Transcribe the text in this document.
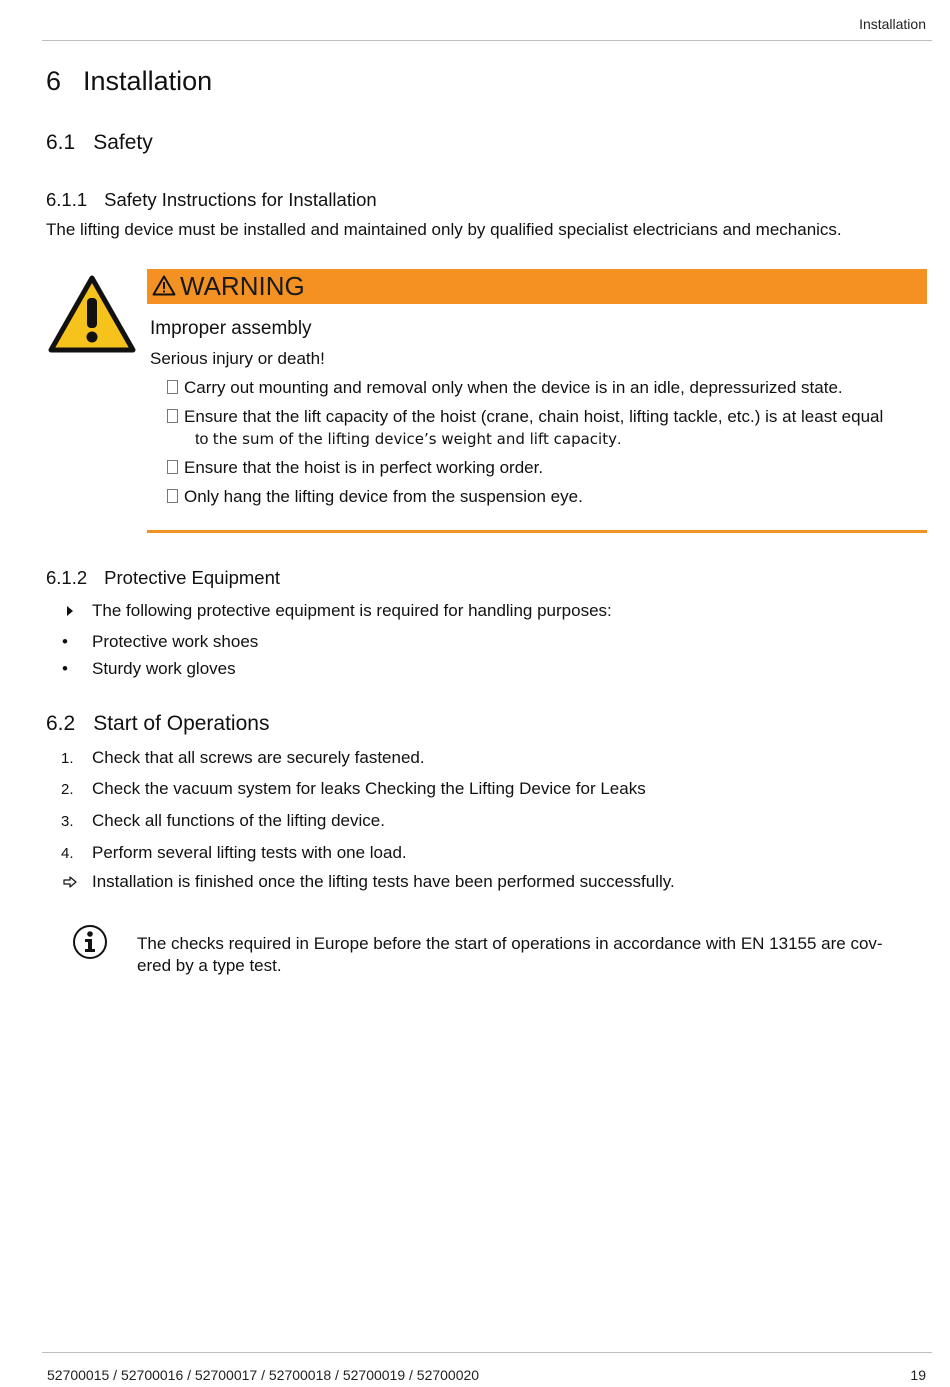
Installation
6 Installation
6.1 Safety
6.1.1 Safety Instructions for Installation
The lifting device must be installed and maintained only by qualified specialist electricians and mechanics.
WARNING
Improper assembly
Serious injury or death!
Carry out mounting and removal only when the device is in an idle, depressurized state.
Ensure that the lift capacity of the hoist (crane, chain hoist, lifting tackle, etc.) is at least equal
to the sum of the lifting device’s weight and lift capacity.
Ensure that the hoist is in perfect working order.
Only hang the lifting device from the suspension eye.
6.1.2 Protective Equipment
The following protective equipment is required for handling purposes:
• Protective work shoes
• Sturdy work gloves
6.2 Start of Operations
1. Check that all screws are securely fastened.
2. Check the vacuum system for leaks Checking the Lifting Device for Leaks
3. Check all functions of the lifting device.
4. Perform several lifting tests with one load.
Installation is finished once the lifting tests have been performed successfully.
The checks required in Europe before the start of operations in accordance with EN 13155 are cov-
ered by a type test.
52700015 / 52700016 / 52700017 / 52700018 / 52700019 / 52700020	19
